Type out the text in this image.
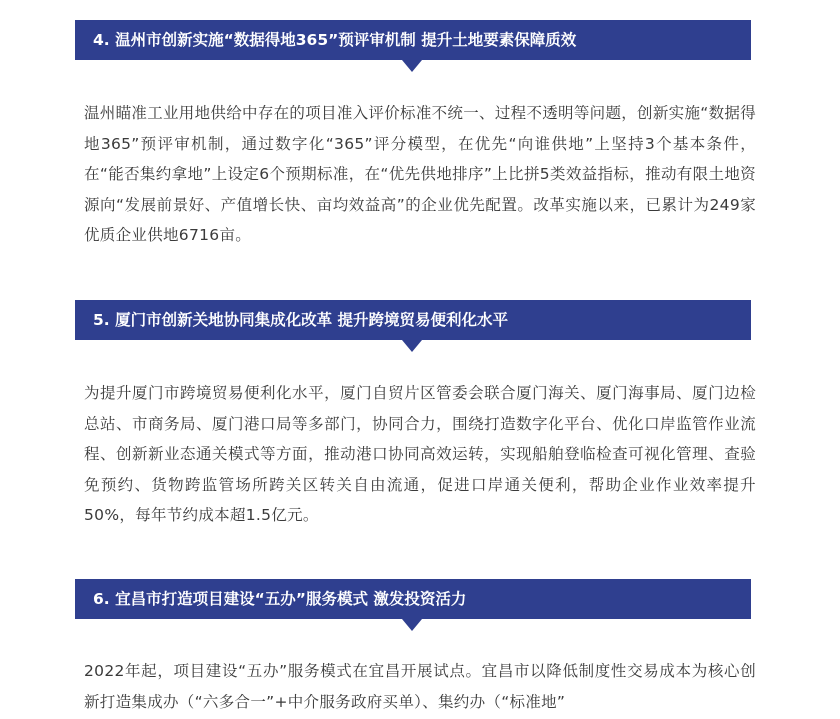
4. 温州市创新实施“数据得地365”预评审机制 提升土地要素保障质效

温州瞄准工业用地供给中存在的项目准入评价标准不统一、过程不透明等问题，创新实施“数据得地365”预评审机制，通过数字化“365”评分模型，在优先“向谁供地”上坚持3个基本条件，在“能否集约拿地”上设定6个预期标准，在“优先供地排序”上比拼5类效益指标，推动有限土地资源向“发展前景好、产值增长快、亩均效益高”的企业优先配置。改革实施以来，已累计为249家优质企业供地6716亩。

5. 厦门市创新关地协同集成化改革 提升跨境贸易便利化水平

为提升厦门市跨境贸易便利化水平，厦门自贸片区管委会联合厦门海关、厦门海事局、厦门边检总站、市商务局、厦门港口局等多部门，协同合力，围绕打造数字化平台、优化口岸监管作业流程、创新新业态通关模式等方面，推动港口协同高效运转，实现船舶登临检查可视化管理、查验免预约、货物跨监管场所跨关区转关自由流通，促进口岸通关便利，帮助企业作业效率提升50%，每年节约成本超1.5亿元。

6. 宜昌市打造项目建设“五办”服务模式 激发投资活力

2022年起，项目建设“五办”服务模式在宜昌开展试点。宜昌市以降低制度性交易成本为核心创新打造集成办（“六多合一”+中介服务政府买单）、集约办（“标准地”
